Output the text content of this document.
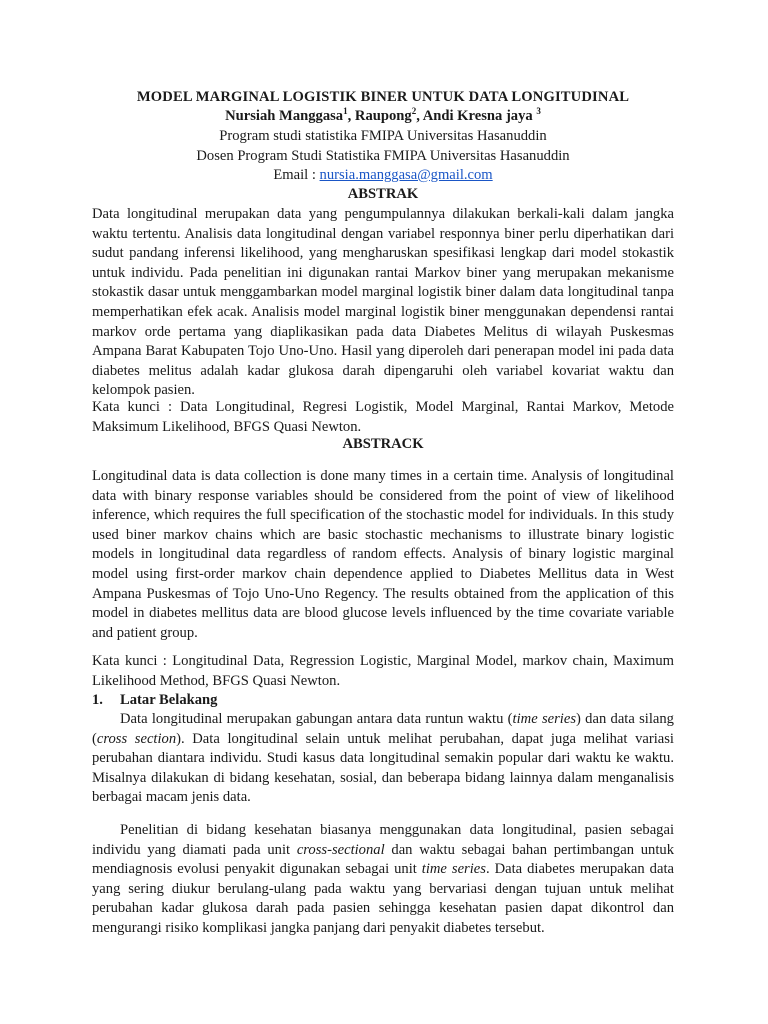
MODEL MARGINAL LOGISTIK BINER UNTUK DATA LONGITUDINAL
Nursiah Manggasa$^1$, Raupong$^2$, Andi Kresna jaya $^3$
Program studi statistika FMIPA Universitas Hasanuddin
Dosen Program Studi Statistika FMIPA Universitas Hasanuddin
Email : nursia.manggasa@gmail.com
ABSTRAK

Data longitudinal merupakan data yang pengumpulannya dilakukan berkali-kali dalam jangka waktu tertentu. Analisis data longitudinal dengan variabel responnya biner perlu diperhatikan dari sudut pandang inferensi likelihood, yang mengharuskan spesifikasi lengkap dari model stokastik untuk individu. Pada penelitian ini digunakan rantai Markov biner yang merupakan mekanisme stokastik dasar untuk menggambarkan model marginal logistik biner dalam data longitudinal tanpa memperhatikan efek acak. Analisis model marginal logistik biner menggunakan dependensi rantai markov orde pertama yang diaplikasikan pada data Diabetes Melitus di wilayah Puskesmas Ampana Barat Kabupaten Tojo Uno-Uno. Hasil yang diperoleh dari penerapan model ini pada data diabetes melitus adalah kadar glukosa darah dipengaruhi oleh variabel kovariat waktu dan kelompok pasien.

Kata kunci : Data Longitudinal, Regresi Logistik, Model Marginal, Rantai Markov, Metode Maksimum Likelihood, BFGS Quasi Newton.

ABSTRACK

Longitudinal data is data collection is done many times in a certain time. Analysis of longitudinal data with binary response variables should be considered from the point of view of likelihood inference, which requires the full specification of the stochastic model for individuals. In this study used biner markov chains which are basic stochastic mechanisms to illustrate binary logistic models in longitudinal data regardless of random effects. Analysis of binary logistic marginal model using first-order markov chain dependence applied to Diabetes Mellitus data in West Ampana Puskesmas of Tojo Uno-Uno Regency. The results obtained from the application of this model in diabetes mellitus data are blood glucose levels influenced by the time covariate variable and patient group.

Kata kunci : Longitudinal Data, Regression Logistic, Marginal Model, markov chain, Maximum Likelihood Method, BFGS Quasi Newton.

1. Latar Belakang

Data longitudinal merupakan gabungan antara data runtun waktu (time series) dan data silang (cross section). Data longitudinal selain untuk melihat perubahan, dapat juga melihat variasi perubahan diantara individu. Studi kasus data longitudinal semakin popular dari waktu ke waktu. Misalnya dilakukan di bidang kesehatan, sosial, dan beberapa bidang lainnya dalam menganalisis berbagai macam jenis data.

Penelitian di bidang kesehatan biasanya menggunakan data longitudinal, pasien sebagai individu yang diamati pada unit cross-sectional dan waktu sebagai bahan pertimbangan untuk mendiagnosis evolusi penyakit digunakan sebagai unit time series. Data diabetes merupakan data yang sering diukur berulang-ulang pada waktu yang bervariasi dengan tujuan untuk melihat perubahan kadar glukosa darah pada pasien sehingga kesehatan pasien dapat dikontrol dan mengurangi risiko komplikasi jangka panjang dari penyakit diabetes tersebut.
